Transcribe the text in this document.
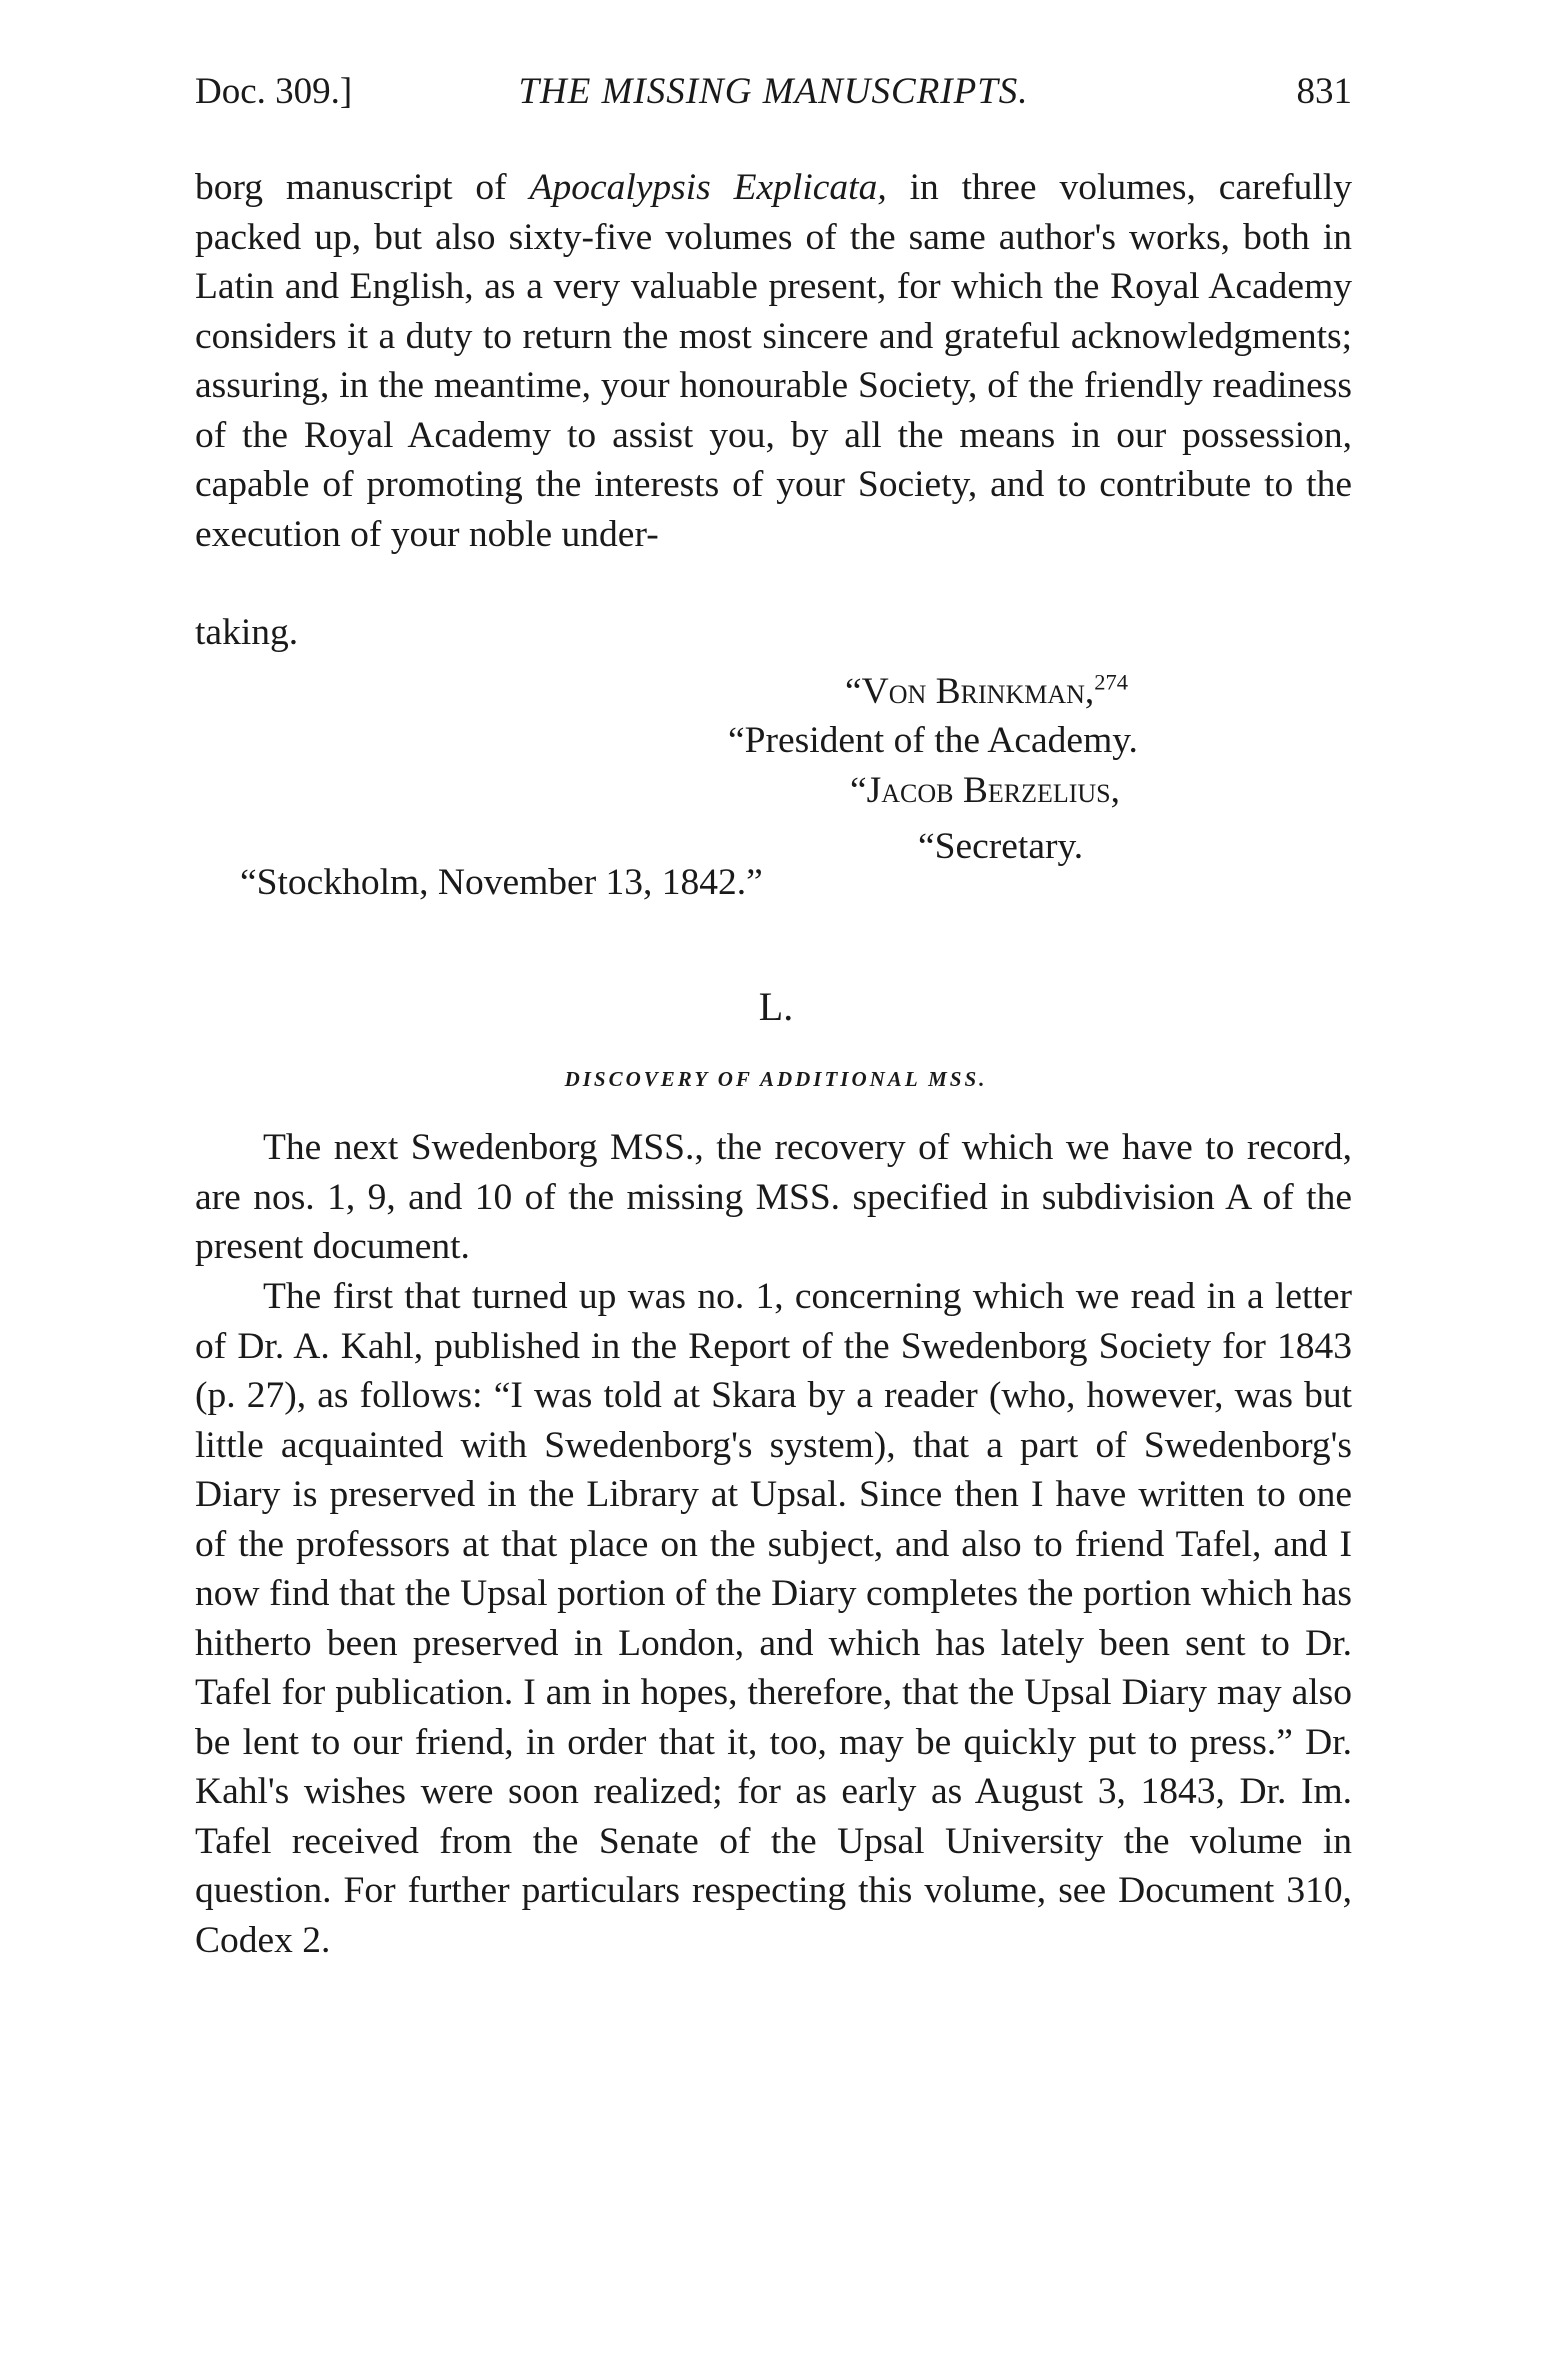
Doc. 309.]	THE MISSING MANUSCRIPTS.	831
borg manuscript of Apocalypsis Explicata, in three volumes, carefully packed up, but also sixty-five volumes of the same author's works, both in Latin and English, as a very valuable present, for which the Royal Academy considers it a duty to return the most sincere and grateful acknowledgments; assuring, in the meantime, your honourable Society, of the friendly readiness of the Royal Academy to assist you, by all the means in our possession, capable of promoting the interests of your Society, and to contribute to the execution of your noble under-
taking.
“Von Brinkman,$^{274}$
“President of the Academy.
“Jacob Berzelius,
“Secretary.
“Stockholm, November 13, 1842.”
L.
DISCOVERY OF ADDITIONAL MSS.
The next Swedenborg MSS., the recovery of which we have to record, are nos. 1, 9, and 10 of the missing MSS. specified in subdivision A of the present document.
The first that turned up was no. 1, concerning which we read in a letter of Dr. A. Kahl, published in the Report of the Swedenborg Society for 1843 (p. 27), as follows: “I was told at Skara by a reader (who, however, was but little acquainted with Swedenborg's system), that a part of Swedenborg's Diary is preserved in the Library at Upsal. Since then I have written to one of the professors at that place on the subject, and also to friend Tafel, and I now find that the Upsal portion of the Diary completes the portion which has hitherto been preserved in London, and which has lately been sent to Dr. Tafel for publication. I am in hopes, therefore, that the Upsal Diary may also be lent to our friend, in order that it, too, may be quickly put to press.” Dr. Kahl's wishes were soon realized; for as early as August 3, 1843, Dr. Im. Tafel received from the Senate of the Upsal University the volume in question. For further particulars respecting this volume, see Document 310, Codex 2.
